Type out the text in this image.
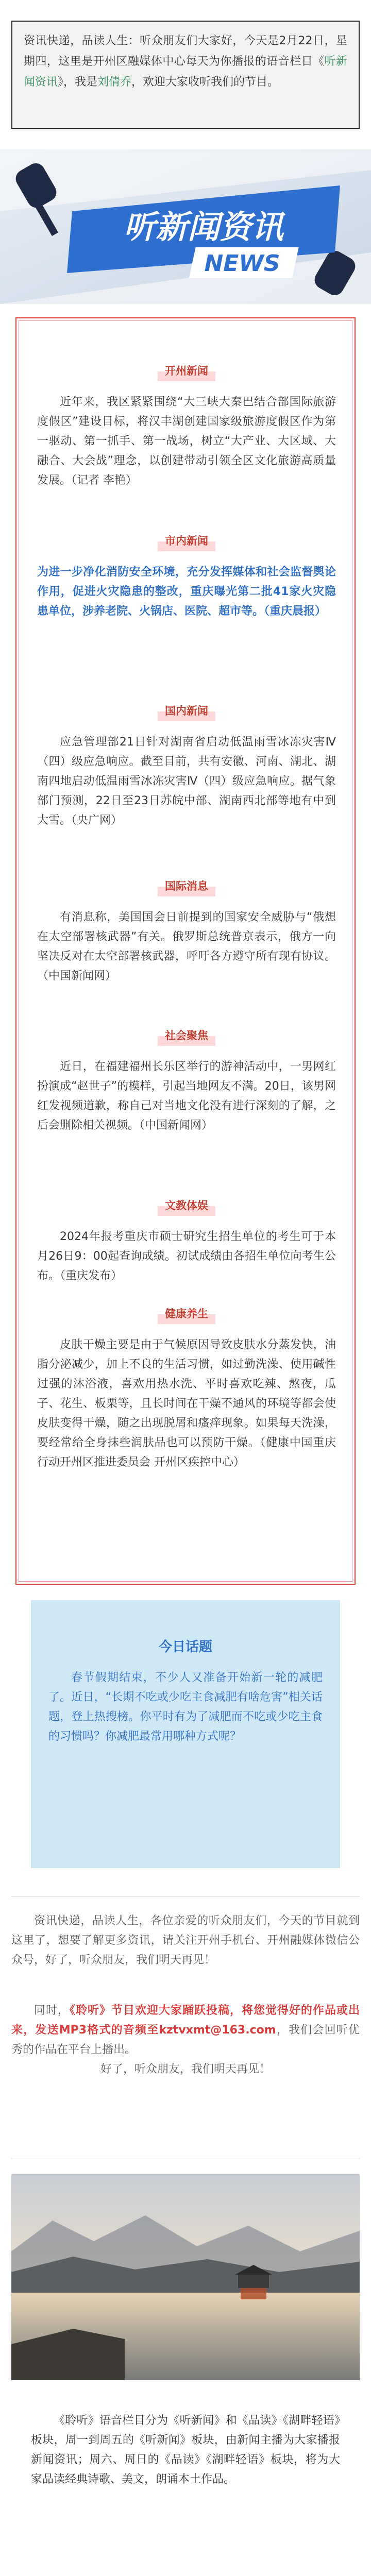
资讯快递，品读人生：听众朋友们大家好，今天是2月22日，星期四，这里是开州区融媒体中心每天为你播报的语音栏目《听新闻资讯》，我是刘倩乔，欢迎大家收听我们的节目。

听新闻资讯
NEWS
开州新闻

近年来，我区紧紧围绕“大三峡大秦巴结合部国际旅游度假区”建设目标，将汉丰湖创建国家级旅游度假区作为第一驱动、第一抓手、第一战场，树立“大产业、大区域、大融合、大会战”理念，以创建带动引领全区文化旅游高质量发展。（记者 李艳）

市内新闻

为进一步净化消防安全环境，充分发挥媒体和社会监督舆论作用，促进火灾隐患的整改，重庆曝光第二批41家火灾隐患单位，涉养老院、火锅店、医院、超市等。（重庆晨报）

国内新闻

应急管理部21日针对湖南省启动低温雨雪冰冻灾害Ⅳ（四）级应急响应。截至目前，共有安徽、河南、湖北、湖南四地启动低温雨雪冰冻灾害Ⅳ（四）级应急响应。据气象部门预测，22日至23日苏皖中部、湖南西北部等地有中到大雪。（央广网）

国际消息

有消息称，美国国会日前提到的国家安全威胁与“俄想在太空部署核武器”有关。俄罗斯总统普京表示，俄方一向坚决反对在太空部署核武器，呼吁各方遵守所有现有协议。（中国新闻网）

社会聚焦

近日，在福建福州长乐区举行的游神活动中，一男网红扮演成“赵世子”的模样，引起当地网友不满。20日，该男网红发视频道歉，称自己对当地文化没有进行深刻的了解，之后会删除相关视频。（中国新闻网）

文教体娱

2024年报考重庆市硕士研究生招生单位的考生可于本月26日9：00起查询成绩。初试成绩由各招生单位向考生公布。（重庆发布）

健康养生

皮肤干燥主要是由于气候原因导致皮肤水分蒸发快，油脂分泌减少，加上不良的生活习惯，如过勤洗澡、使用碱性过强的沐浴液，喜欢用热水洗、平时喜欢吃辣、熬夜，瓜子、花生、板栗等，且长时间在干燥不通风的环境等都会使皮肤变得干燥，随之出现脱屑和瘙痒现象。如果每天洗澡，要经常给全身抹些润肤品也可以预防干燥。（健康中国重庆行动开州区推进委员会 开州区疾控中心）

今日话题

春节假期结束，不少人又准备开始新一轮的减肥了。近日，“长期不吃或少吃主食减肥有啥危害”相关话题，登上热搜榜。你平时有为了减肥而不吃或少吃主食的习惯吗？你减肥最常用哪种方式呢？

资讯快递，品读人生，各位亲爱的听众朋友们，今天的节目就到这里了，想要了解更多资讯，请关注开州手机台、开州融媒体微信公众号，好了，听众朋友，我们明天再见！

同时，《聆听》节目欢迎大家踊跃投稿，将您觉得好的作品或出来，发送MP3格式的音频至kztvxmt@163.com，我们会回听优秀的作品在平台上播出。

好了，听众朋友，我们明天再见！

《聆听》语音栏目分为《听新闻》和《品读》《湖畔轻语》板块，周一到周五的《听新闻》板块，由新闻主播为大家播报新闻资讯；周六、周日的《品读》《湖畔轻语》板块，将为大家品读经典诗歌、美文，朗诵本土作品。
